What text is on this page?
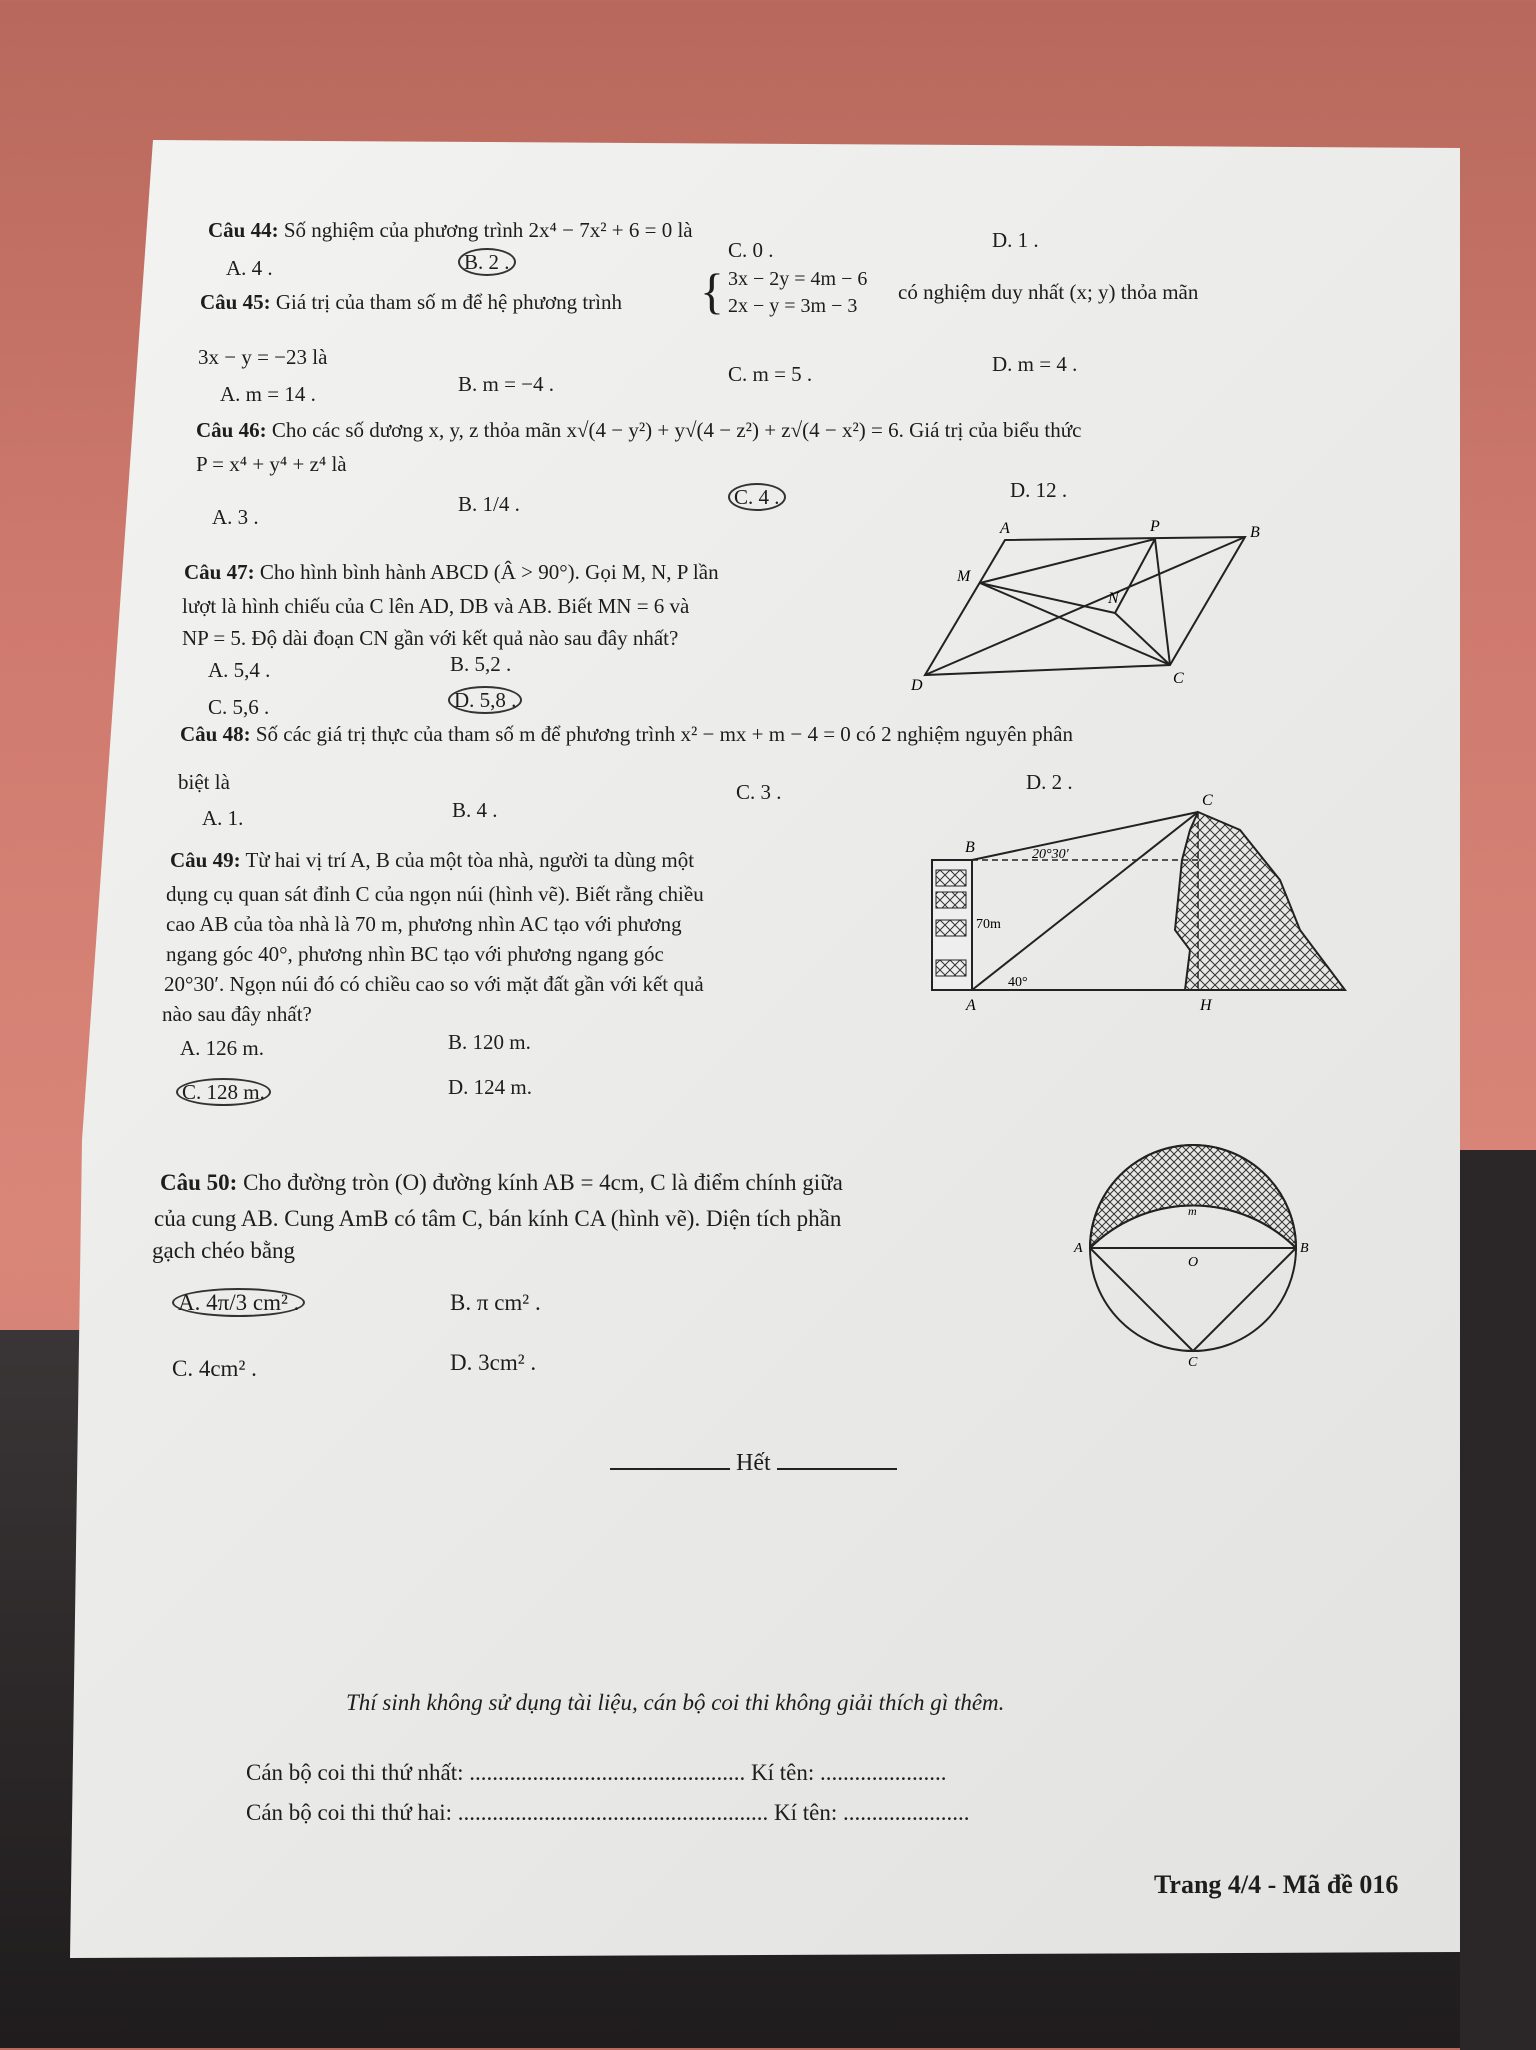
Câu 44: Số nghiệm của phương trình 2x⁴ − 7x² + 6 = 0 là
A. 4 .	B. 2 .	C. 0 .	D. 1 .
Câu 45: Giá trị của tham số m để hệ phương trình { 3x − 2y = 4m − 6
2x − y = 3m − 3
có nghiệm duy nhất (x; y) thỏa mãn
3x − y = −23 là
A. m = 14 .	B. m = −4 .	C. m = 5 .	D. m = 4 .
Câu 46: Cho các số dương x, y, z thỏa mãn x√(4 − y²) + y√(4 − z²) + z√(4 − x²) = 6. Giá trị của biểu thức
P = x⁴ + y⁴ + z⁴ là
A. 3 .
B. 1/4 .	C. 4 .	D. 12 .
Câu 47: Cho hình bình hành ABCD (Â > 90°). Gọi M, N, P lần
lượt là hình chiếu của C lên AD, DB và AB. Biết MN = 6 và
NP = 5. Độ dài đoạn CN gần với kết quả nào sau đây nhất?
A. 5,4 .	B. 5,2 .
C. 5,6 .	D. 5,8 .
A	P	B
M
N
D	C
Câu 48: Số các giá trị thực của tham số m để phương trình x² − mx + m − 4 = 0 có 2 nghiệm nguyên phân
biệt là
A. 1.	B. 4 .
C. 3 .	D. 2 .
Câu 49: Từ hai vị trí A, B của một tòa nhà, người ta dùng một
dụng cụ quan sát đỉnh C của ngọn núi (hình vẽ). Biết rằng chiều
cao AB của tòa nhà là 70 m, phương nhìn AC tạo với phương
ngang góc 40°, phương nhìn BC tạo với phương ngang góc
20°30′. Ngọn núi đó có chiều cao so với mặt đất gần với kết quả
nào sau đây nhất?
A. 126 m.	B. 120 m.
C. 128 m.	D. 124 m.
C
B	20°30′
70m
40°
A	H
Câu 50: Cho đường tròn (O) đường kính AB = 4cm, C là điểm chính giữa
của cung AB. Cung AmB có tâm C, bán kính CA (hình vẽ). Diện tích phần
gạch chéo bằng
A. 4π/3 cm² .	B. π cm² .
C. 4cm² .	D. 3cm² .
m
A
O
B
C
Hết
Thí sinh không sử dụng tài liệu, cán bộ coi thi không giải thích gì thêm.
Cán bộ coi thi thứ nhất: ................................................ Kí tên: ......................
Cán bộ coi thi thứ hai: ...................................................... Kí tên: ......................
Trang 4/4 - Mã đề 016
